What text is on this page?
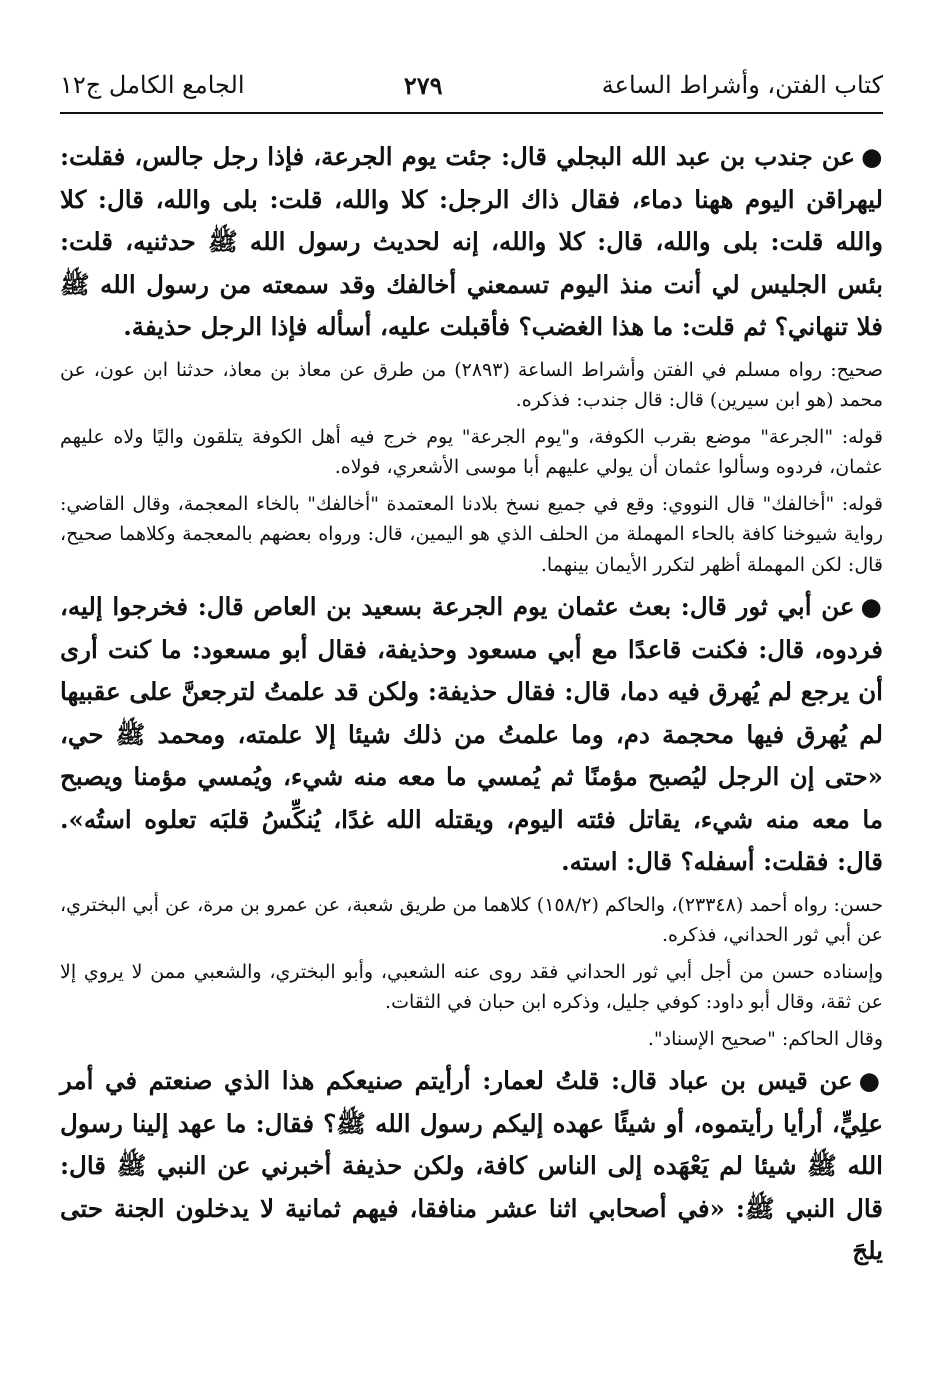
كتاب الفتن، وأشراط الساعة
٢٧٩
الجامع الكامل ج١٢

●عن جندب بن عبد الله البجلي قال: جئت يوم الجرعة، فإذا رجل جالس، فقلت: ليهراقن اليوم ههنا دماء، فقال ذاك الرجل: كلا والله، قلت: بلى والله، قال: كلا والله قلت: بلى والله، قال: كلا والله، إنه لحديث رسول الله ﷺ حدثنيه، قلت: بئس الجليس لي أنت منذ اليوم تسمعني أخالفك وقد سمعته من رسول الله ﷺ فلا تنهاني؟ ثم قلت: ما هذا الغضب؟ فأقبلت عليه، أسأله فإذا الرجل حذيفة.

صحيح: رواه مسلم في الفتن وأشراط الساعة (٢٨٩٣) من طرق عن معاذ بن معاذ، حدثنا ابن عون، عن محمد (هو ابن سيرين) قال: قال جندب: فذكره.

قوله: "الجرعة" موضع بقرب الكوفة، و"يوم الجرعة" يوم خرج فيه أهل الكوفة يتلقون واليًا ولاه عليهم عثمان، فردوه وسألوا عثمان أن يولي عليهم أبا موسى الأشعري، فولاه.

قوله: "أخالفك" قال النووي: وقع في جميع نسخ بلادنا المعتمدة "أخالفك" بالخاء المعجمة، وقال القاضي: رواية شيوخنا كافة بالحاء المهملة من الحلف الذي هو اليمين، قال: ورواه بعضهم بالمعجمة وكلاهما صحيح، قال: لكن المهملة أظهر لتكرر الأيمان بينهما.

●عن أبي ثور قال: بعث عثمان يوم الجرعة بسعيد بن العاص قال: فخرجوا إليه، فردوه، قال: فكنت قاعدًا مع أبي مسعود وحذيفة، فقال أبو مسعود: ما كنت أرى أن يرجع لم يُهرق فيه دما، قال: فقال حذيفة: ولكن قد علمتُ لترجعنَّ على عقبيها لم يُهرق فيها محجمة دم، وما علمتُ من ذلك شيئا إلا علمته، ومحمد ﷺ حي، «حتى إن الرجل ليُصبح مؤمنًا ثم يُمسي ما معه منه شيء، ويُمسي مؤمنا ويصبح ما معه منه شيء، يقاتل فئته اليوم، ويقتله الله غدًا، يُنكِّسُ قلبَه تعلوه استُه». قال: فقلت: أسفله؟ قال: استه.

حسن: رواه أحمد (٢٣٣٤٨)، والحاكم (١٥٨/٢) كلاهما من طريق شعبة، عن عمرو بن مرة، عن أبي البختري، عن أبي ثور الحداني، فذكره.

وإسناده حسن من أجل أبي ثور الحداني فقد روى عنه الشعبي، وأبو البختري، والشعبي ممن لا يروي إلا عن ثقة، وقال أبو داود: كوفي جليل، وذكره ابن حبان في الثقات.

وقال الحاكم: "صحيح الإسناد".

●عن قيس بن عباد قال: قلتُ لعمار: أرأيتم صنيعكم هذا الذي صنعتم في أمر علِيٍّ، أرأيا رأيتموه، أو شيئًا عهده إليكم رسول الله ﷺ؟ فقال: ما عهد إلينا رسول الله ﷺ شيئا لم يَعْهَده إلى الناس كافة، ولكن حذيفة أخبرني عن النبي ﷺ قال: قال النبي ﷺ: «في أصحابي اثنا عشر منافقا، فيهم ثمانية لا يدخلون الجنة حتى يلجَ
